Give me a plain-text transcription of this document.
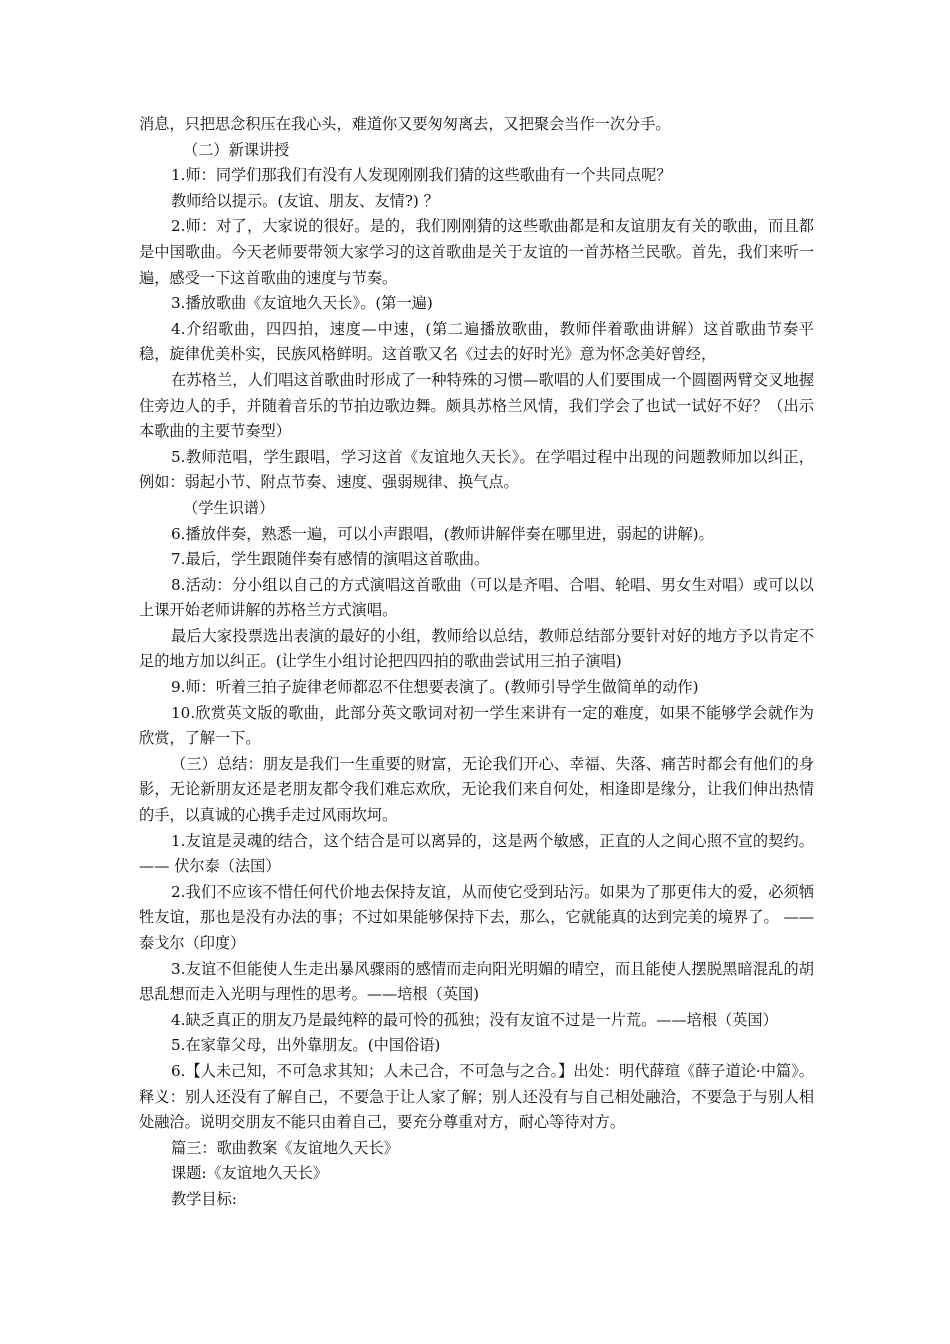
消息，只把思念积压在我心头，难道你又要匆匆离去，又把聚会当作一次分手。

（二）新课讲授

1.师：同学们那我们有没有人发现刚刚我们猜的这些歌曲有一个共同点呢？

教师给以提示。(友谊、朋友、友情?) ？

2.师：对了，大家说的很好。是的，我们刚刚猜的这些歌曲都是和友谊朋友有关的歌曲，而且都是中国歌曲。今天老师要带领大家学习的这首歌曲是关于友谊的一首苏格兰民歌。首先，我们来听一遍，感受一下这首歌曲的速度与节奏。

3.播放歌曲《友谊地久天长》。(第一遍)

4.介绍歌曲，四四拍，速度—中速，(第二遍播放歌曲，教师伴着歌曲讲解）这首歌曲节奏平稳，旋律优美朴实，民族风格鲜明。这首歌又名《过去的好时光》意为怀念美好曾经，

在苏格兰，人们唱这首歌曲时形成了一种特殊的习惯—歌唱的人们要围成一个圆圈两臂交叉地握住旁边人的手，并随着音乐的节拍边歌边舞。颇具苏格兰风情，我们学会了也试一试好不好？（出示本歌曲的主要节奏型）

5.教师范唱，学生跟唱，学习这首《友谊地久天长》。在学唱过程中出现的问题教师加以纠正，例如：弱起小节、附点节奏、速度、强弱规律、换气点。

（学生识谱）

6.播放伴奏，熟悉一遍，可以小声跟唱，(教师讲解伴奏在哪里进，弱起的讲解)。

7.最后，学生跟随伴奏有感情的演唱这首歌曲。

8.活动：分小组以自己的方式演唱这首歌曲（可以是齐唱、合唱、轮唱、男女生对唱）或可以以上课开始老师讲解的苏格兰方式演唱。

最后大家投票选出表演的最好的小组，教师给以总结，教师总结部分要针对好的地方予以肯定不足的地方加以纠正。(让学生小组讨论把四四拍的歌曲尝试用三拍子演唱)

9.师：听着三拍子旋律老师都忍不住想要表演了。(教师引导学生做简单的动作)

10.欣赏英文版的歌曲，此部分英文歌词对初一学生来讲有一定的难度，如果不能够学会就作为欣赏，了解一下。

（三）总结：朋友是我们一生重要的财富，无论我们开心、幸福、失落、痛苦时都会有他们的身影，无论新朋友还是老朋友都令我们难忘欢欣，无论我们来自何处，相逢即是缘分，让我们伸出热情的手，以真诚的心携手走过风雨坎坷。

1.友谊是灵魂的结合，这个结合是可以离异的，这是两个敏感，正直的人之间心照不宣的契约。 —— 伏尔泰（法国）

2.我们不应该不惜任何代价地去保持友谊，从而使它受到玷污。如果为了那更伟大的爱，必须牺牲友谊，那也是没有办法的事；不过如果能够保持下去，那么，它就能真的达到完美的境界了。 —— 泰戈尔（印度）

3.友谊不但能使人生走出暴风骤雨的感情而走向阳光明媚的晴空，而且能使人摆脱黑暗混乱的胡思乱想而走入光明与理性的思考。——培根（英国)

4.缺乏真正的朋友乃是最纯粹的最可怜的孤独；没有友谊不过是一片荒。——培根（英国）

5.在家靠父母，出外靠朋友。(中国俗语)

6.【人未己知，不可急求其知；人未己合，不可急与之合。】出处：明代薛瑄《薛子道论·中篇》。释义：别人还没有了解自己，不要急于让人家了解；别人还没有与自己相处融洽，不要急于与别人相处融洽。说明交朋友不能只由着自己，要充分尊重对方，耐心等待对方。

篇三：歌曲教案《友谊地久天长》

课题:《友谊地久天长》

教学目标:
